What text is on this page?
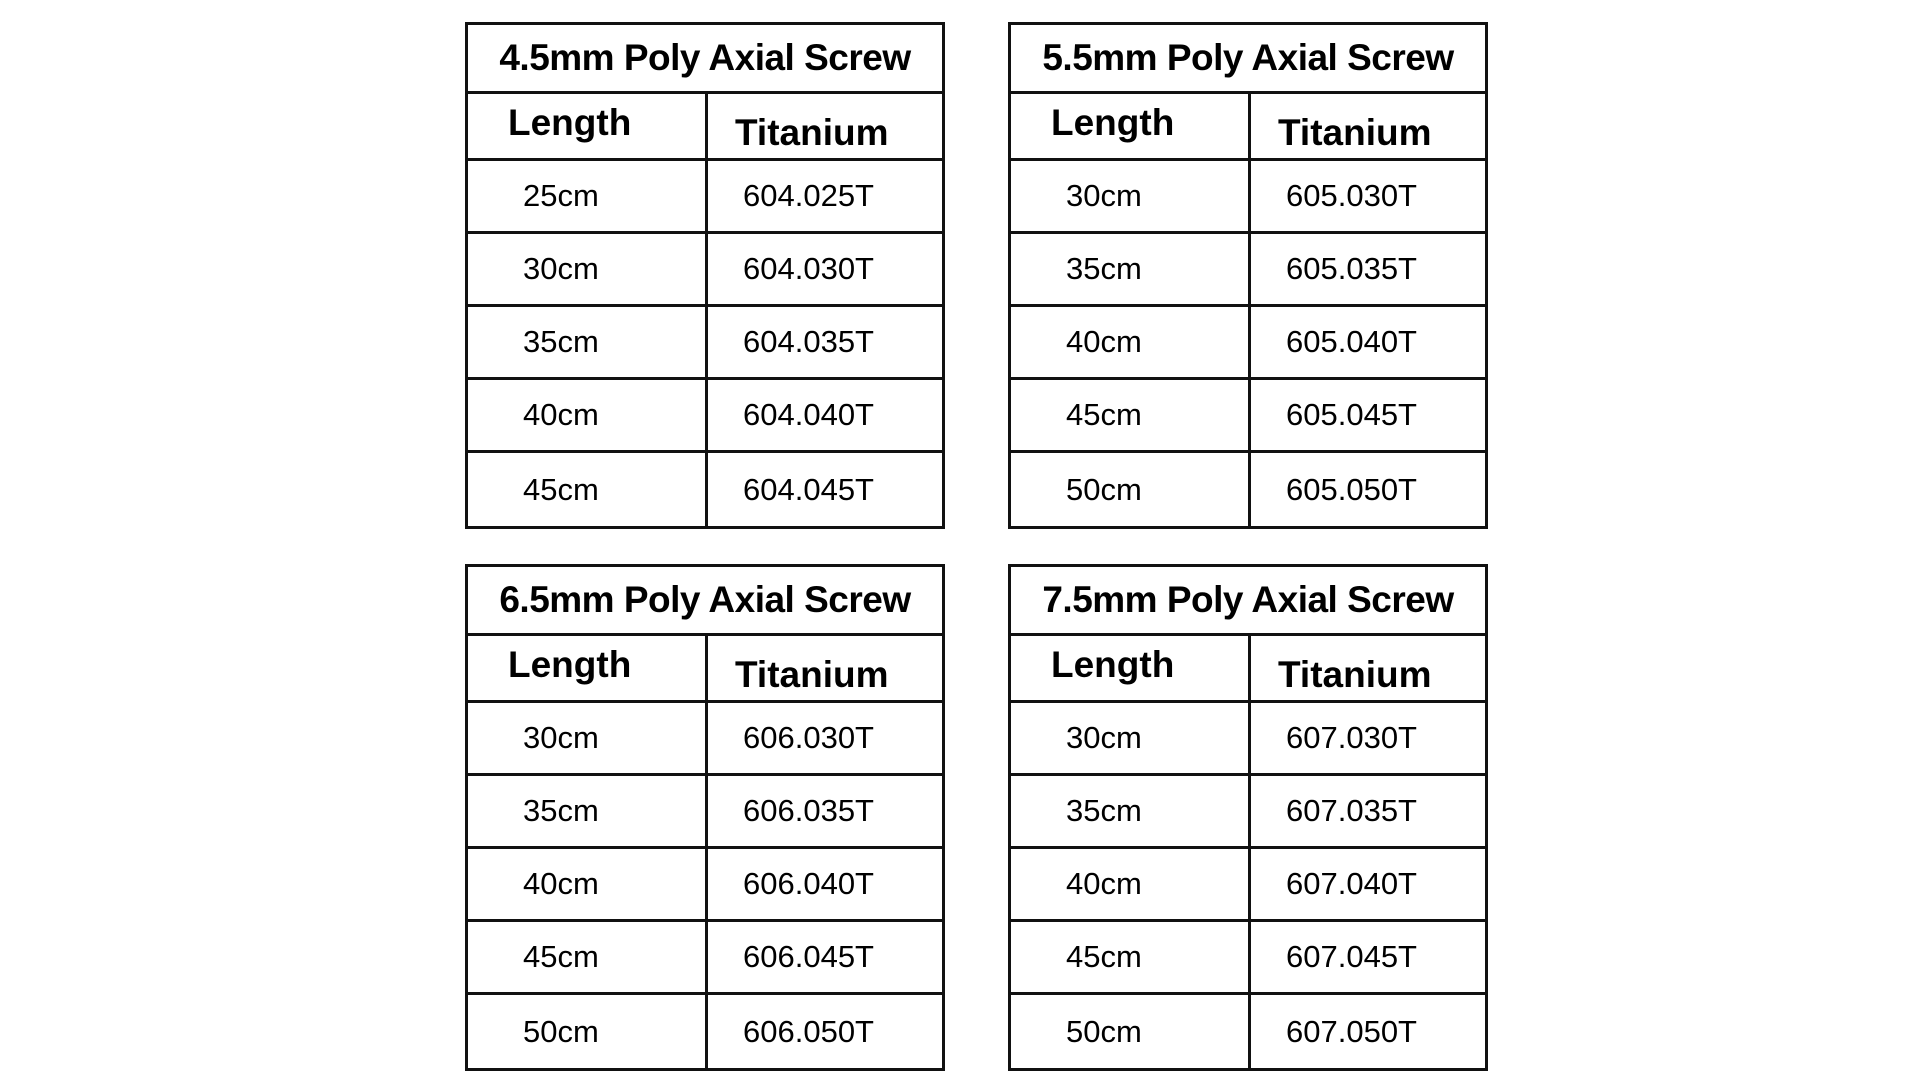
4.5mm Poly Axial Screw
Length	Titanium
25cm	604.025T
30cm	604.030T
35cm	604.035T
40cm	604.040T
45cm	604.045T
5.5mm Poly Axial Screw
Length	Titanium
30cm	605.030T
35cm	605.035T
40cm	605.040T
45cm	605.045T
50cm	605.050T
6.5mm Poly Axial Screw
Length	Titanium
30cm	606.030T
35cm	606.035T
40cm	606.040T
45cm	606.045T
50cm	606.050T
7.5mm Poly Axial Screw
Length	Titanium
30cm	607.030T
35cm	607.035T
40cm	607.040T
45cm	607.045T
50cm	607.050T
